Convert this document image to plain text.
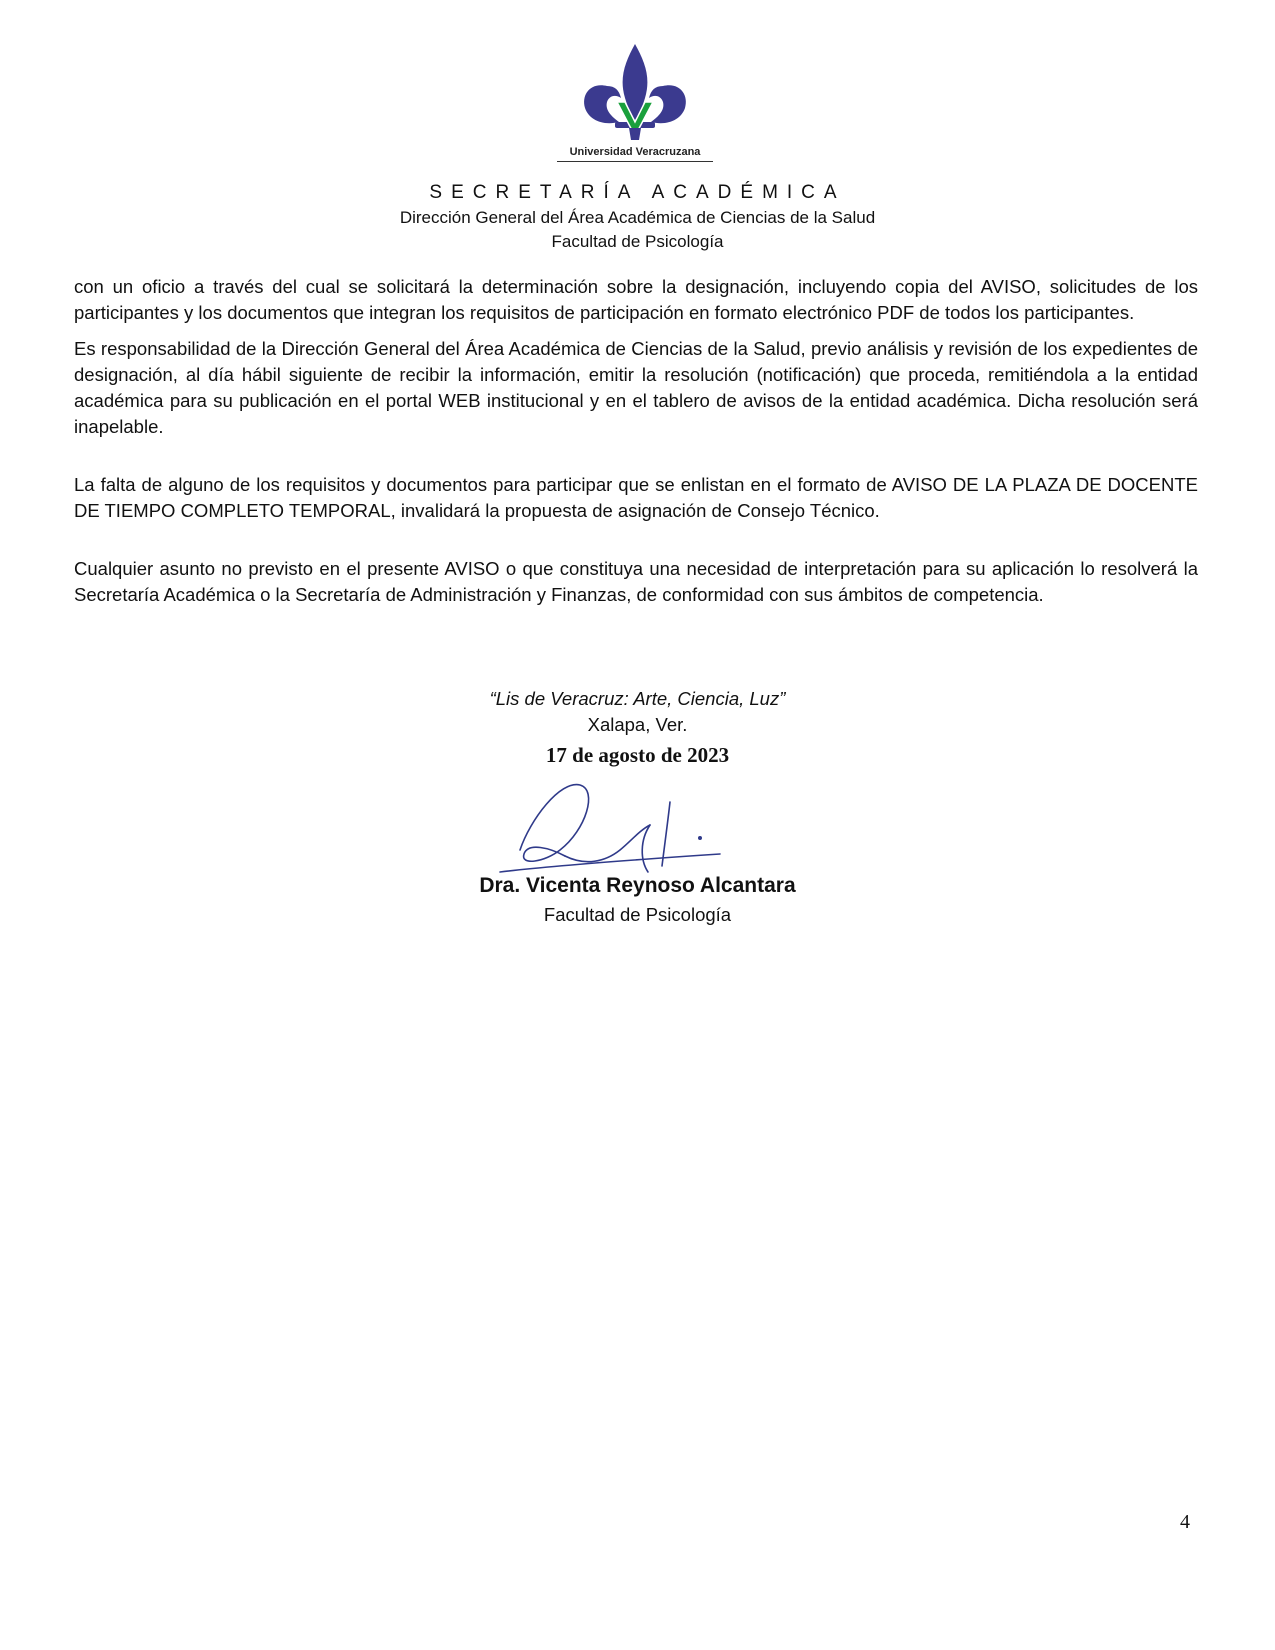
Universidad Veracruzana

SECRETARÍA ACADÉMICA

Dirección General del Área Académica de Ciencias de la Salud

Facultad de Psicología

con un oficio a través del cual se solicitará la determinación sobre la designación, incluyendo copia del AVISO, solicitudes de los participantes y los documentos que integran los requisitos de participación en formato electrónico PDF de todos los participantes.

Es responsabilidad de la Dirección General del Área Académica de Ciencias de la Salud, previo análisis y revisión de los expedientes de designación, al día hábil siguiente de recibir la información, emitir la resolución (notificación) que proceda, remitiéndola a la entidad académica para su publicación en el portal WEB institucional y en el tablero de avisos de la entidad académica. Dicha resolución será inapelable.

La falta de alguno de los requisitos y documentos para participar que se enlistan en el formato de AVISO DE LA PLAZA DE DOCENTE DE TIEMPO COMPLETO TEMPORAL, invalidará la propuesta de asignación de Consejo Técnico.

Cualquier asunto no previsto en el presente AVISO o que constituya una necesidad de interpretación para su aplicación lo resolverá la Secretaría Académica o la Secretaría de Administración y Finanzas, de conformidad con sus ámbitos de competencia.

“Lis de Veracruz: Arte, Ciencia, Luz”

Xalapa, Ver.

17 de agosto de 2023

Dra. Vicenta Reynoso Alcantara

Facultad de Psicología

4
